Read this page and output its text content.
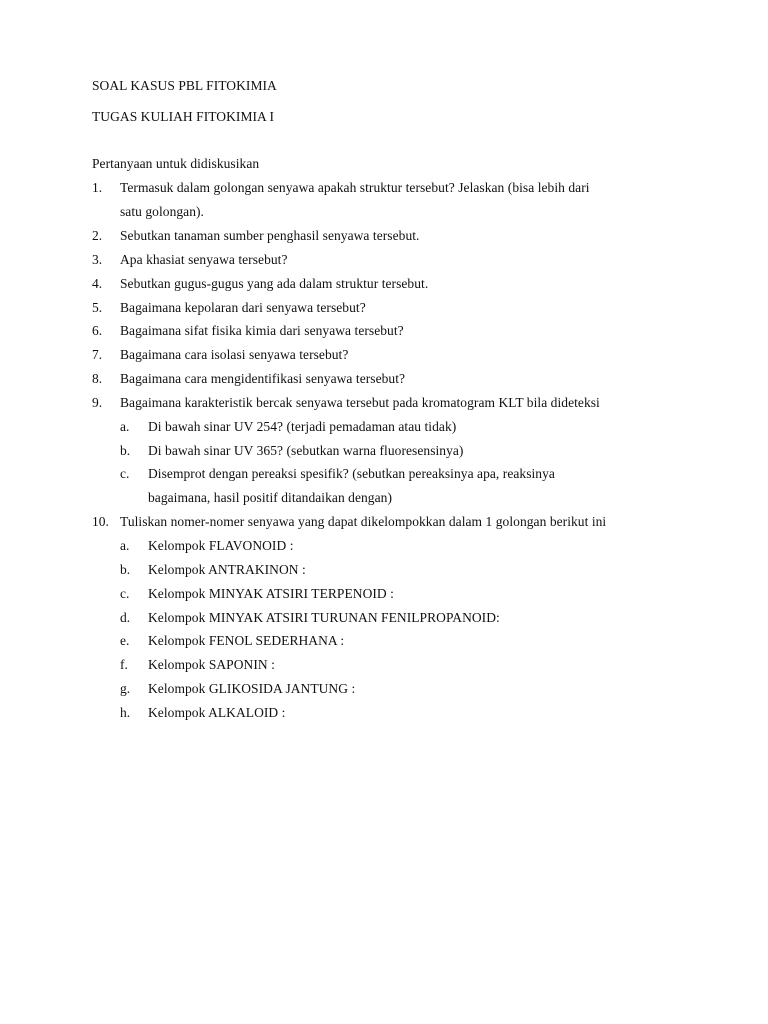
SOAL KASUS PBL FITOKIMIA
TUGAS KULIAH FITOKIMIA I
Pertanyaan untuk didiskusikan
1. Termasuk dalam golongan senyawa apakah struktur tersebut? Jelaskan (bisa lebih dari
satu golongan).
2. Sebutkan tanaman sumber penghasil senyawa tersebut.
3. Apa khasiat senyawa tersebut?
4. Sebutkan gugus-gugus yang ada dalam struktur tersebut.
5. Bagaimana kepolaran dari senyawa tersebut?
6. Bagaimana sifat fisika kimia dari senyawa tersebut?
7. Bagaimana cara isolasi senyawa tersebut?
8. Bagaimana cara mengidentifikasi senyawa tersebut?
9. Bagaimana karakteristik bercak senyawa tersebut pada kromatogram KLT bila dideteksi
a. Di bawah sinar UV 254? (terjadi pemadaman atau tidak)
b. Di bawah sinar UV 365? (sebutkan warna fluoresensinya)
c. Disemprot dengan pereaksi spesifik? (sebutkan pereaksinya apa, reaksinya
bagaimana, hasil positif ditandaikan dengan)
10. Tuliskan nomer-nomer senyawa yang dapat dikelompokkan dalam 1 golongan berikut ini
a. Kelompok FLAVONOID :
b. Kelompok ANTRAKINON :
c. Kelompok MINYAK ATSIRI TERPENOID :
d. Kelompok MINYAK ATSIRI TURUNAN FENILPROPANOID:
e. Kelompok FENOL SEDERHANA :
f. Kelompok SAPONIN :
g. Kelompok GLIKOSIDA JANTUNG :
h. Kelompok ALKALOID :
